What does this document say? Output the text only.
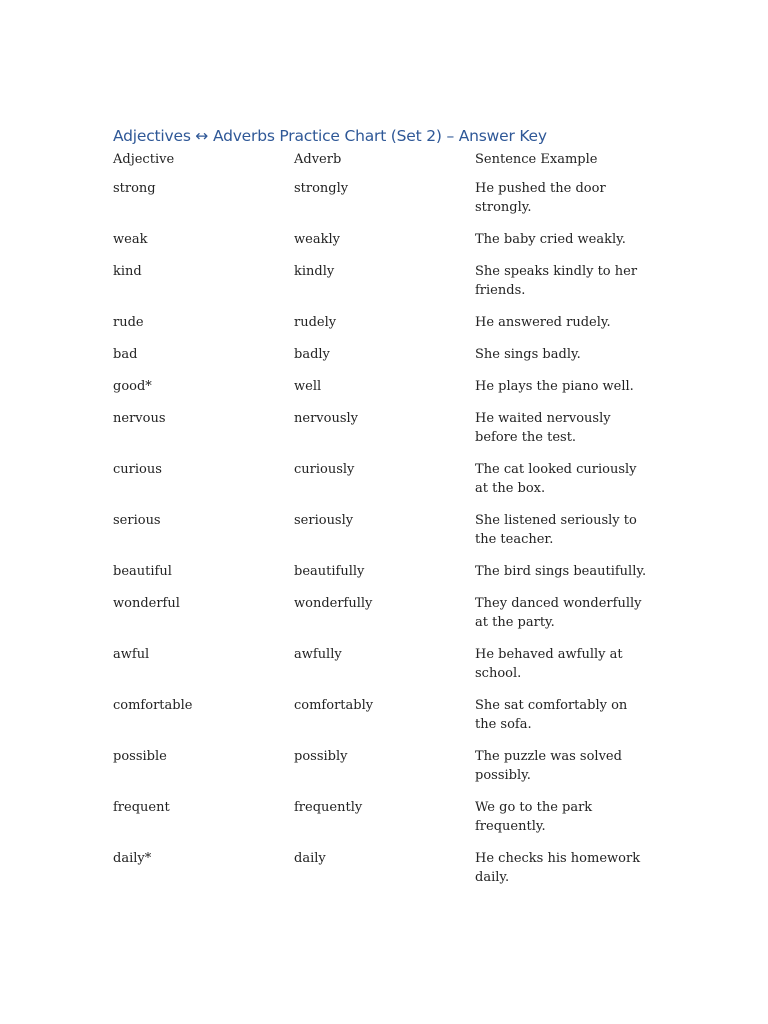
Adjectives ↔ Adverbs Practice Chart (Set 2) – Answer Key
Adjective	Adverb	Sentence Example
strong	strongly	He pushed the door strongly.
weak	weakly	The baby cried weakly.
kind	kindly	She speaks kindly to her friends.
rude	rudely	He answered rudely.
bad	badly	She sings badly.
good*	well	He plays the piano well.
nervous	nervously	He waited nervously before the test.
curious	curiously	The cat looked curiously at the box.
serious	seriously	She listened seriously to the teacher.
beautiful	beautifully	The bird sings beautifully.
wonderful	wonderfully	They danced wonderfully at the party.
awful	awfully	He behaved awfully at school.
comfortable	comfortably	She sat comfortably on the sofa.
possible	possibly	The puzzle was solved possibly.
frequent	frequently	We go to the park frequently.
daily*	daily	He checks his homework daily.
